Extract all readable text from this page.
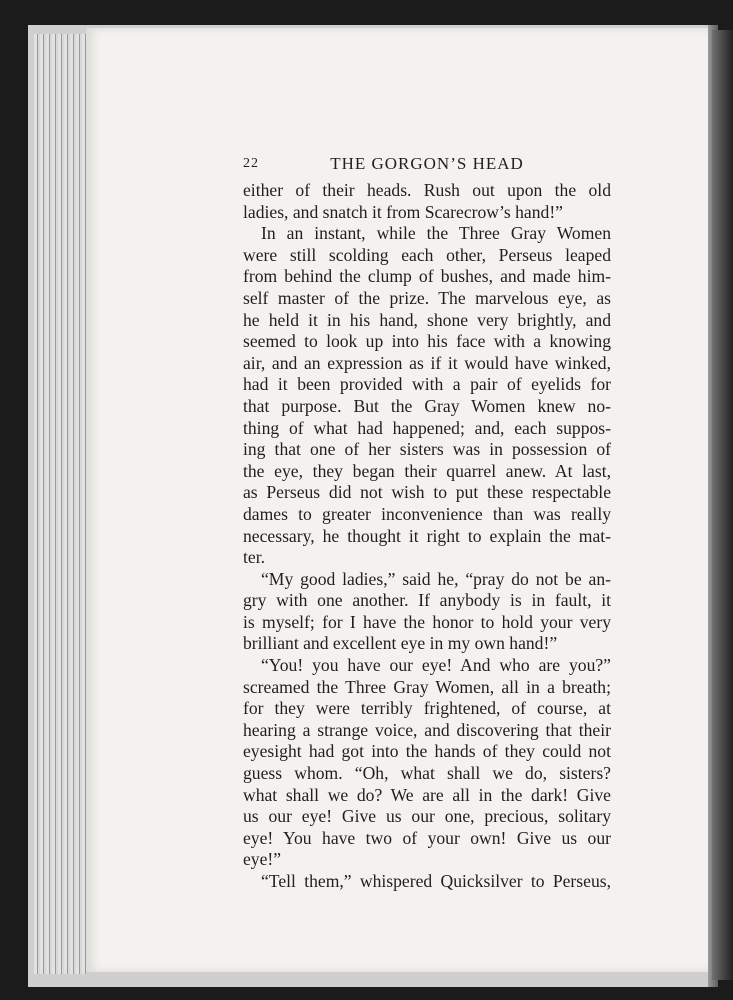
22	THE GORGON’S HEAD
either of their heads. Rush out upon the old
ladies, and snatch it from Scarecrow’s hand!”
In an instant, while the Three Gray Women
were still scolding each other, Perseus leaped
from behind the clump of bushes, and made him-
self master of the prize. The marvelous eye, as
he held it in his hand, shone very brightly, and
seemed to look up into his face with a knowing
air, and an expression as if it would have winked,
had it been provided with a pair of eyelids for
that purpose. But the Gray Women knew no-
thing of what had happened; and, each suppos-
ing that one of her sisters was in possession of
the eye, they began their quarrel anew. At last,
as Perseus did not wish to put these respectable
dames to greater inconvenience than was really
necessary, he thought it right to explain the mat-
ter.
“My good ladies,” said he, “pray do not be an-
gry with one another. If anybody is in fault, it
is myself; for I have the honor to hold your very
brilliant and excellent eye in my own hand!”
“You! you have our eye! And who are you?”
screamed the Three Gray Women, all in a breath;
for they were terribly frightened, of course, at
hearing a strange voice, and discovering that their
eyesight had got into the hands of they could not
guess whom. “Oh, what shall we do, sisters?
what shall we do? We are all in the dark! Give
us our eye! Give us our one, precious, solitary
eye! You have two of your own! Give us our
eye!”
“Tell them,” whispered Quicksilver to Perseus,
